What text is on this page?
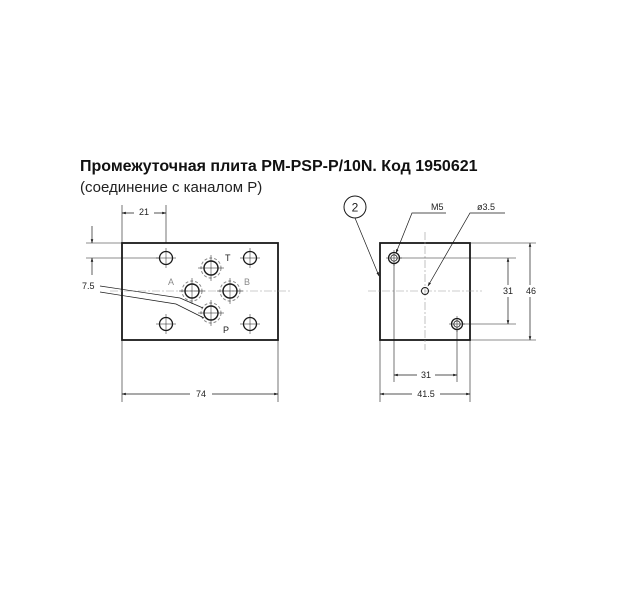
Промежуточная плита PM-PSP-P/10N. Код 1950621
(соединение с каналом P)
21
7.5
74
T
A	B
P
2	M5	ø3.5
31 46
31
41.5
